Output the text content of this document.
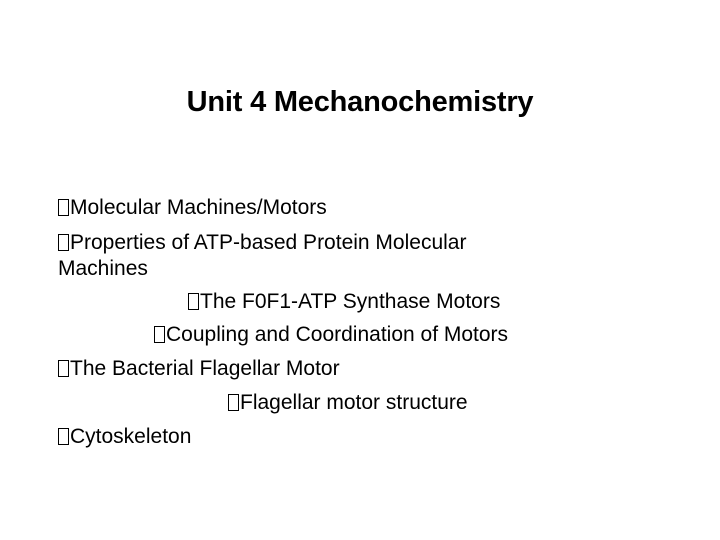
Unit 4 Mechanochemistry
Molecular Machines/Motors
Properties of ATP-based Protein Molecular
Machines
The F0F1-ATP Synthase Motors
Coupling and Coordination of Motors
The Bacterial Flagellar Motor
Flagellar motor structure
Cytoskeleton
